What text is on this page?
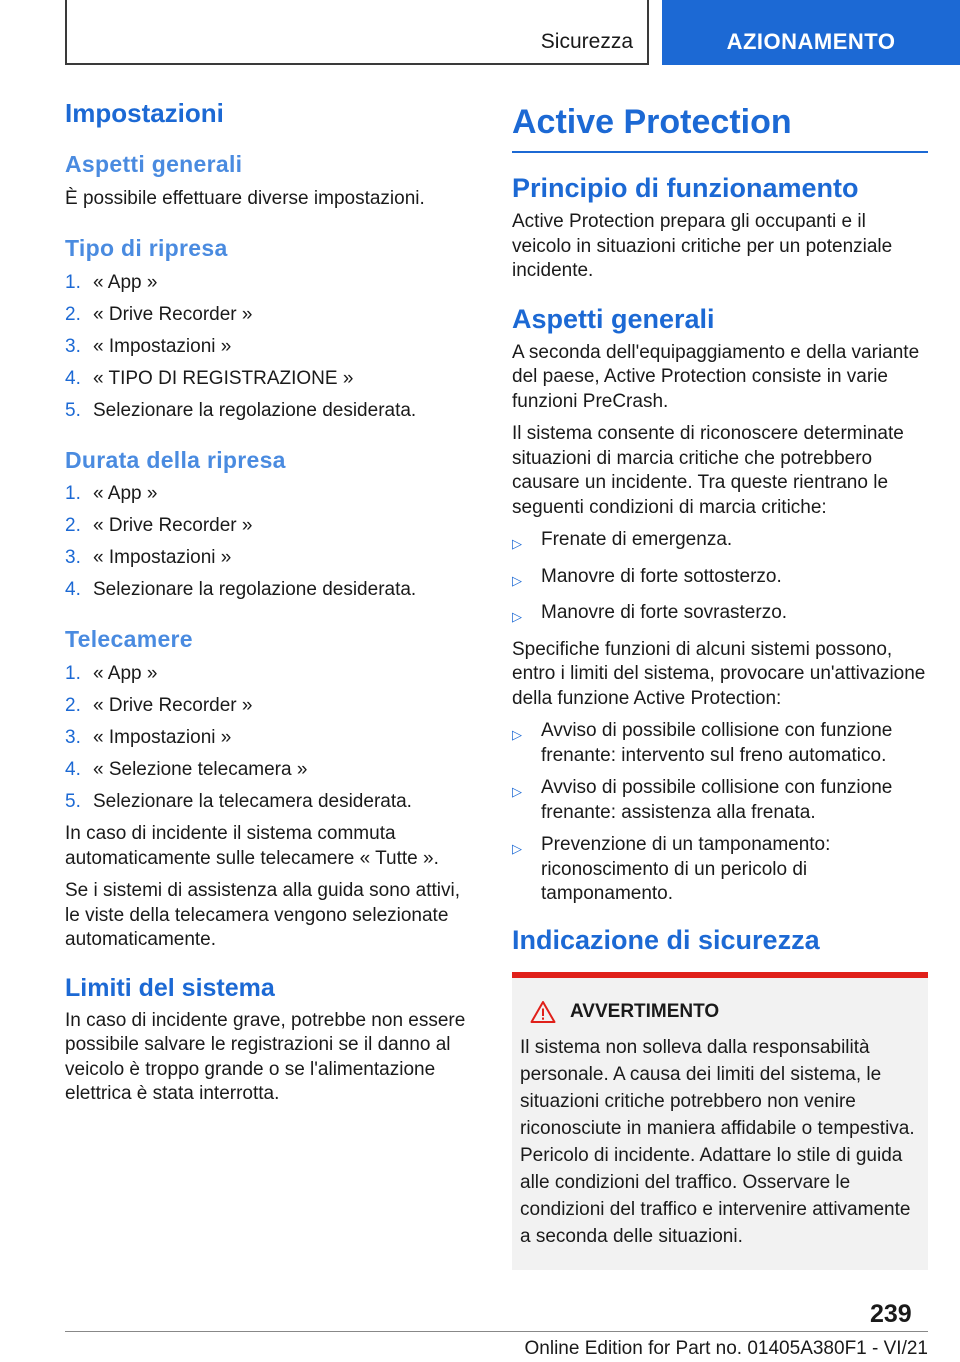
Sicurezza	AZIONAMENTO
Impostazioni
Aspetti generali

È possibile effettuare diverse impostazioni.

Tipo di ripresa
1. « App »
2. « Drive Recorder »
3. « Impostazioni »
4. « TIPO DI REGISTRAZIONE »
5. Selezionare la regolazione desiderata.
Durata della ripresa
1. « App »
2. « Drive Recorder »
3. « Impostazioni »
4. Selezionare la regolazione desiderata.
Telecamere
1. « App »
2. « Drive Recorder »
3. « Impostazioni »
4. « Selezione telecamera »
5. Selezionare la telecamera desiderata.

In caso di incidente il sistema commuta automaticamente sulle telecamere « Tutte ».

Se i sistemi di assistenza alla guida sono attivi, le viste della telecamera vengono selezionate automaticamente.

Limiti del sistema

In caso di incidente grave, potrebbe non essere possibile salvare le registrazioni se il danno al veicolo è troppo grande o se l'alimentazione elettrica è stata interrotta.

Active Protection
Principio di funzionamento

Active Protection prepara gli occupanti e il veicolo in situazioni critiche per un potenziale incidente.

Aspetti generali

A seconda dell'equipaggiamento e della variante del paese, Active Protection consiste in varie funzioni PreCrash.

Il sistema consente di riconoscere determinate situazioni di marcia critiche che potrebbero causare un incidente. Tra queste rientrano le seguenti condizioni di marcia critiche:

▷	Frenate di emergenza.
▷	Manovre di forte sottosterzo.
▷	Manovre di forte sovrasterzo.

Specifiche funzioni di alcuni sistemi possono, entro i limiti del sistema, provocare un'attivazione della funzione Active Protection:

▷	Avviso di possibile collisione con funzione frenante: intervento sul freno automatico.
▷	Avviso di possibile collisione con funzione frenante: assistenza alla frenata.
▷	Prevenzione di un tamponamento: riconoscimento di un pericolo di tamponamento.
Indicazione di sicurezza
AVVERTIMENTO

Il sistema non solleva dalla responsabilità personale. A causa dei limiti del sistema, le situazioni critiche potrebbero non venire riconosciute in maniera affidabile o tempestiva.

Pericolo di incidente. Adattare lo stile di guida alle condizioni del traffico. Osservare le condizioni del traffico e intervenire attivamente a seconda delle situazioni.

239
Online Edition for Part no. 01405A380F1 - VI/21
